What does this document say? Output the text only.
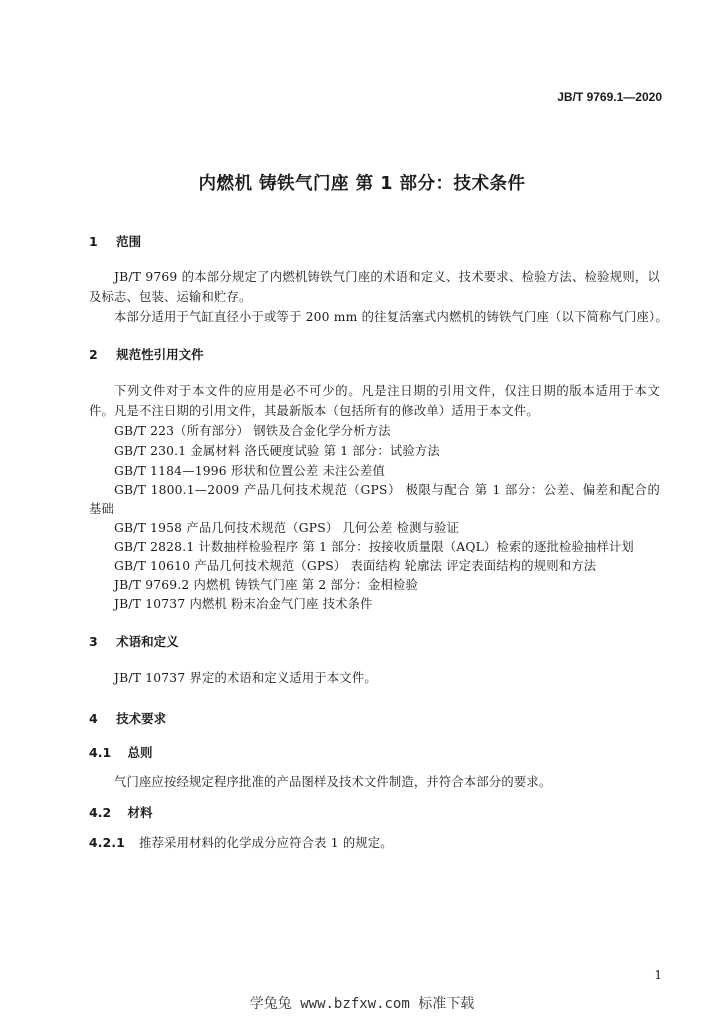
JB/T 9769.1—2020
内燃机 铸铁气门座 第 1 部分：技术条件
1 范围
JB/T 9769 的本部分规定了内燃机铸铁气门座的术语和定义、技术要求、检验方法、检验规则，以
及标志、包装、运输和贮存。
本部分适用于气缸直径小于或等于 200 mm 的往复活塞式内燃机的铸铁气门座（以下简称气门座）。
2 规范性引用文件
下列文件对于本文件的应用是必不可少的。凡是注日期的引用文件，仅注日期的版本适用于本文
件。凡是不注日期的引用文件，其最新版本（包括所有的修改单）适用于本文件。
GB/T 223（所有部分） 钢铁及合金化学分析方法
GB/T 230.1 金属材料 洛氏硬度试验 第 1 部分：试验方法
GB/T 1184—1996 形状和位置公差 未注公差值
GB/T 1800.1—2009 产品几何技术规范（GPS） 极限与配合 第 1 部分：公差、偏差和配合的
基础
GB/T 1958 产品几何技术规范（GPS） 几何公差 检测与验证
GB/T 2828.1 计数抽样检验程序 第 1 部分：按接收质量限（AQL）检索的逐批检验抽样计划
GB/T 10610 产品几何技术规范（GPS） 表面结构 轮廓法 评定表面结构的规则和方法
JB/T 9769.2 内燃机 铸铁气门座 第 2 部分：金相检验
JB/T 10737 内燃机 粉末冶金气门座 技术条件
3 术语和定义
JB/T 10737 界定的术语和定义适用于本文件。
4 技术要求
4.1 总则
气门座应按经规定程序批准的产品图样及技术文件制造，并符合本部分的要求。
4.2 材料
4.2.1 推荐采用材料的化学成分应符合表 1 的规定。
1
学兔兔 www.bzfxw.com 标准下载
